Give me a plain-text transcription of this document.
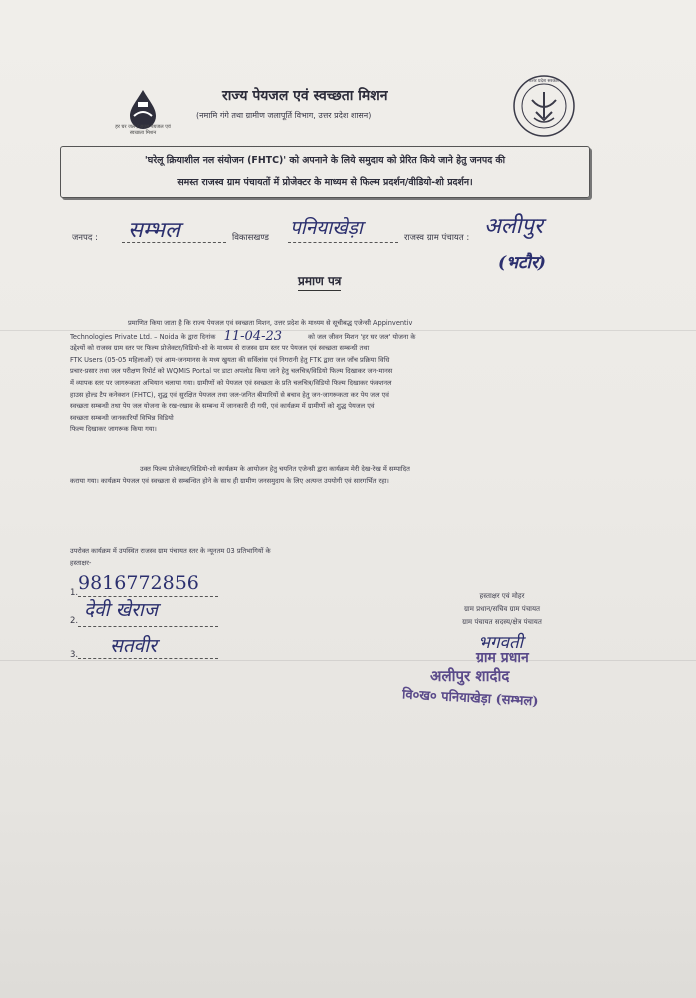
हर घर जल / राज्य पेयजल एवं स्वच्छता मिशन
उत्तर प्रदेश सरकार
राज्य पेयजल एवं स्वच्छता मिशन
(नमामि गंगे तथा ग्रामीण जलापूर्ति विभाग, उत्तर प्रदेश शासन)
'घरेलू क्रियाशील नल संयोजन (FHTC)' को अपनाने के लिये समुदाय को प्रेरित किये जाने हेतु जनपद की
समस्त राजस्व ग्राम पंचायतों में प्रोजेक्टर के माध्यम से फिल्म प्रदर्शन/वीडियो-शो प्रदर्शन।
जनपद : सम्भल	विकासखण्ड पनियाखेड़ा	राजस्व ग्राम पंचायत : अलीपुर
(भटौर)
प्रमाण पत्र
प्रमाणित किया जाता है कि राज्य पेयजल एवं स्वच्छता मिशन, उत्तर प्रदेश के माध्यम से सूचीबद्ध एजेन्सी Appinventiv
Technologies Private Ltd. – Noida के द्वारा दिनांक 11-04-23	को जल जीवन मिशन 'हर घर जल' योजना के
उद्देश्यों को राजस्व ग्राम स्तर पर फिल्म प्रोजेक्टर/विडियो-शो के माध्यम से राजस्व ग्राम स्तर पर पेयजल एवं स्वच्छता सम्बन्धी तथा
FTK Users (05-05 महिलाओं) एवं आम-जनमानस के मध्य खुयता की सर्विलांस एवं निगरानी हेतु FTK द्वारा जल जाँच प्रक्रिया विधि
प्रचार-प्रसार तथा जल परीक्षण रिपोर्ट को WQMIS Portal पर डाटा अपलोड किया जाने हेतु चलचित्र/विडियो फिल्म दिखाकर जन-मानस
में व्यापक स्तर पर जागरूकता अभियान चलाया गया। ग्रामीणों को पेयजल एवं स्वच्छता के प्रति चलचित्र/विडियो फिल्म दिखाकर फंक्शनल
हाउस होल्ड टैप कनेक्शन (FHTC), शुद्ध एवं सुरक्षित पेयजल तथा जल-जनित बीमारियों से बचाव हेतु जन-जागरूकता कर पेय जल एवं
स्वच्छता सम्बन्धी तथा पेय जल योजना के रख-रखाव के सम्बन्ध में जानकारी दी गयी, एवं कार्यक्रम में ग्रामीणों को शुद्ध पेयजल एवं
स्वच्छता सम्बन्धी जानकारियाँ विभिन्न विडियो
फिल्म दिखाकर जागरूक किया गया।
उक्त फिल्म प्रोजेक्टर/विडियो-शो कार्यक्रम के आयोजन हेतु चयनित एजेन्सी द्वारा कार्यक्रम मेरी देख-रेख में सम्पादित
कराया गया। कार्यक्रम पेयजल एवं स्वच्छता से सम्बन्धित होने के साथ ही ग्रामीण जनसमुदाय के लिए अत्यन्त उपयोगी एवं सारगर्भित रहा।
उपरोक्त कार्यक्रम में उपस्थित राजस्व ग्राम पंचायत स्तर के न्यूनतम 03 प्रतिभागियों के
हस्ताक्षर-
1. 9816772856
2. देवी खेराज
3. सतवीर
हस्ताक्षर एवं मोहर
ग्राम प्रधान/सचिव ग्राम पंचायत
ग्राम पंचायत सदस्य/क्षेत्र पंचायत
भगवती
ग्राम प्रधान
अलीपुर शादीद
वि०ख० पनियाखेड़ा (सम्भल)
